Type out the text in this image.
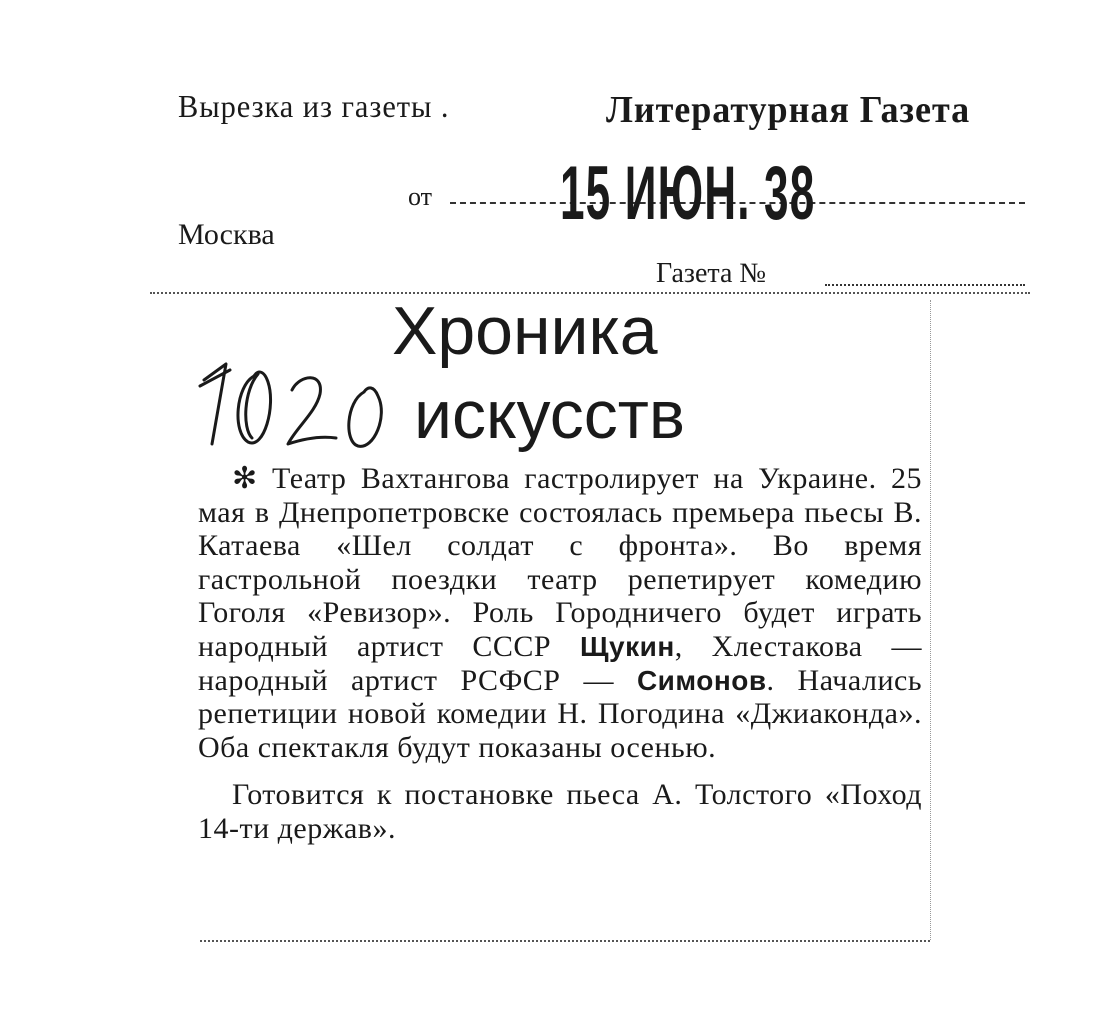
Вырезка из газеты .	Литературная Газета
Москва
от 15 ИЮН. 38
Газета №
Хроника
искусств

✻ Театр Вахтангова гастролирует на Украине. 25 мая в Днепропетровске состоялась премьера пьесы В. Катаева «Шел солдат с фронта». Во время гастрольной поездки театр репетирует комедию Гоголя «Ревизор». Роль Городничего будет играть народный артист СССР Щукин, Хлестакова — народный артист РСФСР — Симонов. Начались репетиции новой комедии Н. Погодина «Джиаконда». Оба спектакля будут показаны осенью.

Готовится к постановке пьеса А. Толстого «Поход 14-ти держав».
